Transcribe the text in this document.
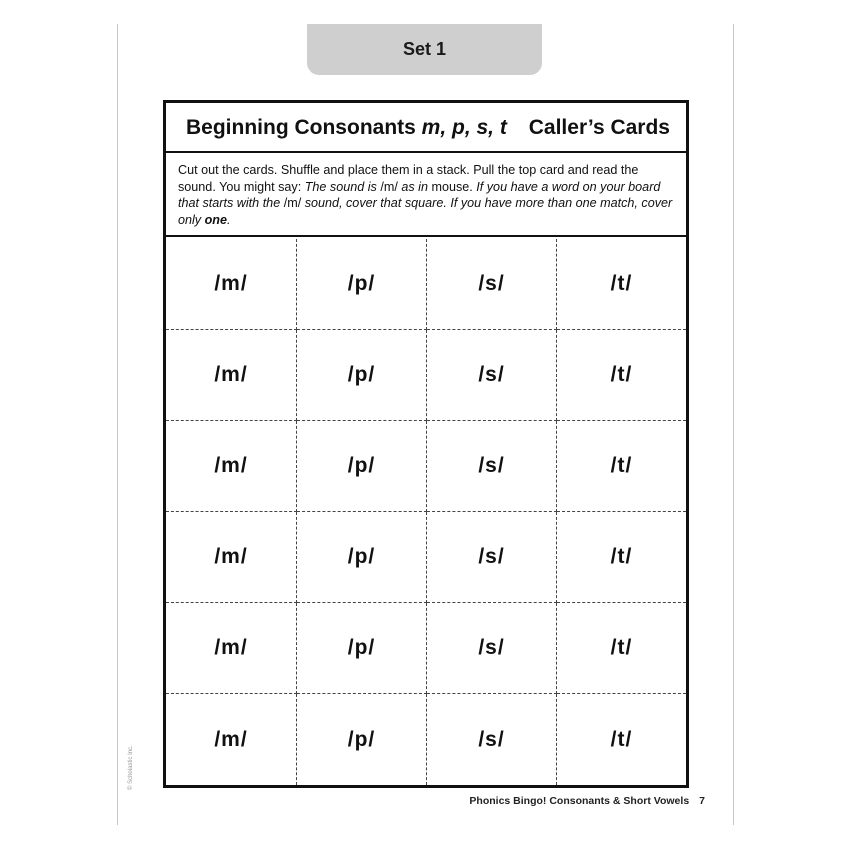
Set 1
Beginning Consonants m, p, s, t Caller’s Cards
Cut out the cards. Shuffle and place them in a stack. Pull the top card and read the sound. You might say: The sound is /m/ as in mouse. If you have a word on your board that starts with the /m/ sound, cover that square. If you have more than one match, cover only one.
/m/	/p/	/s/	/t/
/m/	/p/	/s/	/t/
/m/	/p/	/s/	/t/
/m/	/p/	/s/	/t/
/m/	/p/	/s/	/t/
/m/	/p/	/s/	/t/
© Scholastic Inc.
Phonics Bingo! Consonants & Short Vowels 7
